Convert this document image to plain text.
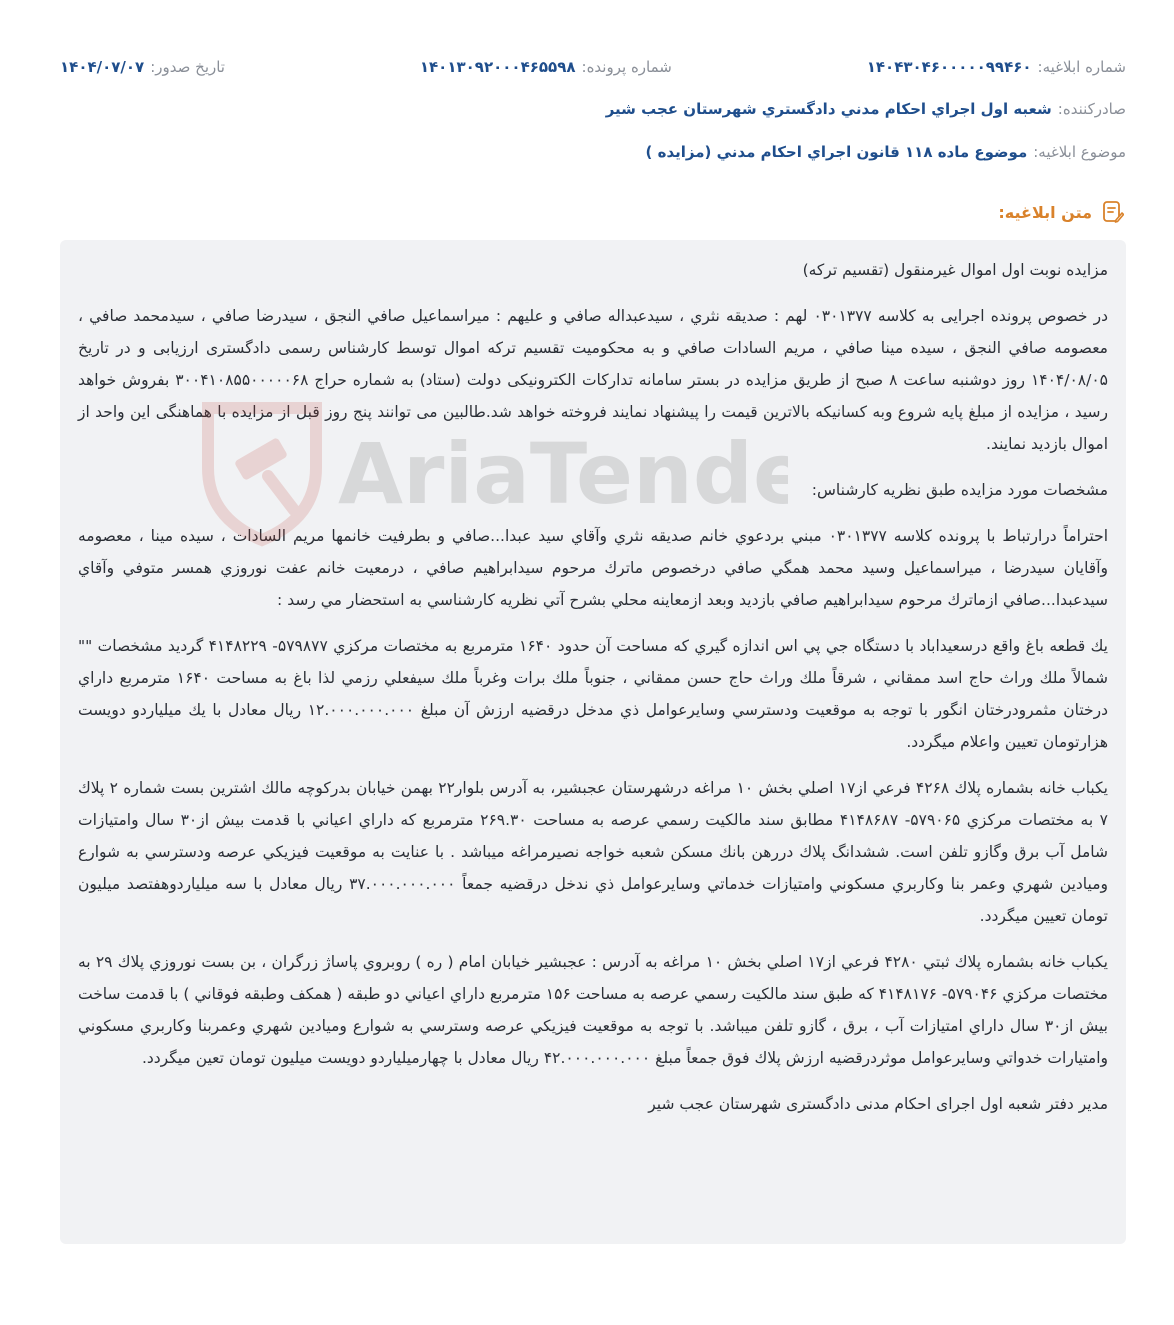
شماره ابلاغیه:
۱۴۰۴۳۰۴۶۰۰۰۰۰۹۹۴۶۰
شماره پرونده:
۱۴۰۱۳۰۹۲۰۰۰۴۶۵۵۹۸
تاریخ صدور:
۱۴۰۴/۰۷/۰۷
صادرکننده:
شعبه اول اجراي احكام مدني دادگستري شهرستان عجب شير
موضوع ابلاغیه:
موضوع ماده ۱۱۸ قانون اجراي احكام مدني (مزايده )
متن ابلاغیه:

مزايده نوبت اول اموال غيرمنقول (تقسيم تركه)

در خصوص پرونده اجرایی به كلاسه ۰۳۰۱۳۷۷ لهم : صديقه نثري ، سيدعبداله صافي و عليهم : ميراسماعيل صافي النجق ، سيدرضا صافي ، سيدمحمد صافي ، معصومه صافي النجق ، سيده مينا صافي ، مريم السادات صافي و به محكوميت تقسيم تركه اموال توسط كارشناس رسمی دادگستری ارزيابی و در تاريخ ۱۴۰۴/۰۸/۰۵ روز دوشنبه ساعت ۸ صبح از طريق مزايده در بستر سامانه تداركات الكترونيكی دولت (ستاد) به شماره حراج ۳۰۰۴۱۰۸۵۵۰۰۰۰۰۶۸ بفروش خواهد رسيد ، مزايده از مبلغ پايه شروع وبه كسانيكه بالاترين قيمت را پيشنهاد نمايند فروخته خواهد شد.طالبين می توانند پنج روز قبل از مزايده با هماهنگی اين واحد از اموال بازديد نمايند.

مشخصات مورد مزايده طبق نظريه كارشناس:

احتراماً درارتباط با پرونده كلاسه ۰۳۰۱۳۷۷ مبني بردعوي خانم صديقه نثري وآقاي سيد عبدا...صافي و بطرفيت خانمها مريم السادات ، سيده مينا ، معصومه وآقايان سيدرضا ، ميراسماعيل وسيد محمد همگي صافي درخصوص ماترك مرحوم سيدابراهيم صافي ، درمعيت خانم عفت نوروزي همسر متوفي وآقاي سيدعبدا...صافي ازماترك مرحوم سيدابراهيم صافي بازديد وبعد ازمعاينه محلي بشرح آتي نظريه كارشناسي به استحضار مي رسد :

يك قطعه باغ واقع درسعيداباد با دستگاه جي پي اس اندازه گيري كه مساحت آن حدود ۱۶۴۰ مترمربع به مختصات مركزي ۵۷۹۸۷۷- ۴۱۴۸۲۲۹ گرديد مشخصات "" شمالاً ملك وراث حاج اسد ممقاني ، شرقاً ملك وراث حاج حسن ممقاني ، جنوباً ملك برات وغرباً ملك سيفعلي رزمي لذا باغ به مساحت ۱۶۴۰ مترمربع داراي درختان مثمرودرختان انگور با توجه به موقعيت ودسترسي وسايرعوامل ذي مدخل درقضيه ارزش آن مبلغ ۱۲.۰۰۰.۰۰۰.۰۰۰ ريال معادل با يك ميلياردو دويست هزارتومان تعيين واعلام ميگردد.

يكباب خانه بشماره پلاك ۴۲۶۸ فرعي از۱۷ اصلي بخش ۱۰ مراغه درشهرستان عجبشير، به آدرس بلوار۲۲ بهمن خيابان بدركوچه مالك اشترين بست شماره ۲ پلاك ۷ به مختصات مركزي ۵۷۹۰۶۵- ۴۱۴۸۶۸۷ مطابق سند مالكيت رسمي عرصه به مساحت ۲۶۹.۳۰ مترمربع كه داراي اعياني با قدمت بيش از۳۰ سال وامتيازات شامل آب برق وگازو تلفن است. ششدانگ پلاك دررهن بانك مسكن شعبه خواجه نصيرمراغه ميباشد . با عنايت به موقعيت فيزيكي عرصه ودسترسي به شوارع وميادين شهري وعمر بنا وكاربري مسكوني وامتيازات خدماتي وسايرعوامل ذي ندخل درقضيه جمعاً ۳۷.۰۰۰.۰۰۰.۰۰۰ ريال معادل با سه ميلياردوهفتصد ميليون تومان تعيين ميگردد.

يكباب خانه بشماره پلاك ثبتي ۴۲۸۰ فرعي از۱۷ اصلي بخش ۱۰ مراغه به آدرس : عجبشير خيابان امام ( ره ) روبروي پاساژ زرگران ، بن بست نوروزي پلاك ۲۹ به مختصات مركزي ۵۷۹۰۴۶- ۴۱۴۸۱۷۶ كه طبق سند مالكيت رسمي عرصه به مساحت ۱۵۶ مترمربع داراي اعياني دو طبقه ( همكف وطبقه فوقاني ) با قدمت ساخت بيش از۳۰ سال داراي امتيازات آب ، برق ، گازو تلفن ميباشد. با توجه به موقعيت فيزيكي عرصه وسترسي به شوارع وميادين شهري وعمربنا وكاربري مسكوني وامتيارات خدواتي وسايرعوامل موثردرقضيه ارزش پلاك فوق جمعاً مبلغ ۴۲.۰۰۰.۰۰۰.۰۰۰ ريال معادل با چهارميلياردو دويست ميليون تومان تعين ميگردد.

مدير دفتر شعبه اول اجرای احكام مدنی دادگستری شهرستان عجب شير
